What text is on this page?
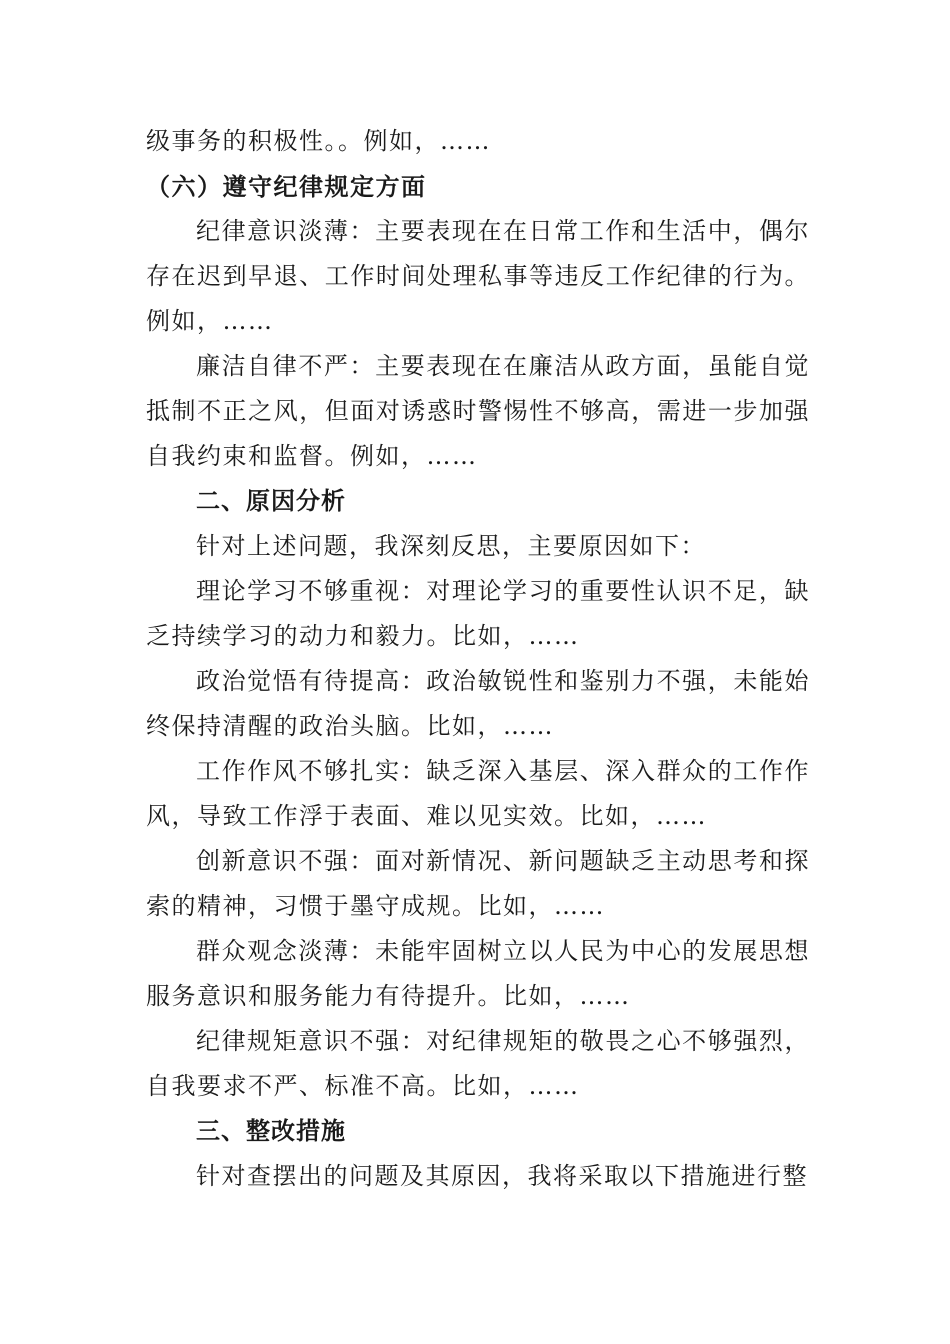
级事务的积极性。。例如，……

（六）遵守纪律规定方面

纪律意识淡薄：主要表现在在日常工作和生活中，偶尔存在迟到早退、工作时间处理私事等违反工作纪律的行为。例如，……

廉洁自律不严：主要表现在在廉洁从政方面，虽能自觉抵制不正之风，但面对诱惑时警惕性不够高，需进一步加强自我约束和监督。例如，……

二、原因分析

针对上述问题，我深刻反思，主要原因如下：

理论学习不够重视：对理论学习的重要性认识不足，缺乏持续学习的动力和毅力。比如，……

政治觉悟有待提高：政治敏锐性和鉴别力不强，未能始终保持清醒的政治头脑。比如，……

工作作风不够扎实：缺乏深入基层、深入群众的工作作风，导致工作浮于表面、难以见实效。比如，……

创新意识不强：面对新情况、新问题缺乏主动思考和探索的精神，习惯于墨守成规。比如，……

群众观念淡薄：未能牢固树立以人民为中心的发展思想服务意识和服务能力有待提升。比如，……

纪律规矩意识不强：对纪律规矩的敬畏之心不够强烈，自我要求不严、标准不高。比如，……

三、整改措施

针对查摆出的问题及其原因，我将采取以下措施进行整
